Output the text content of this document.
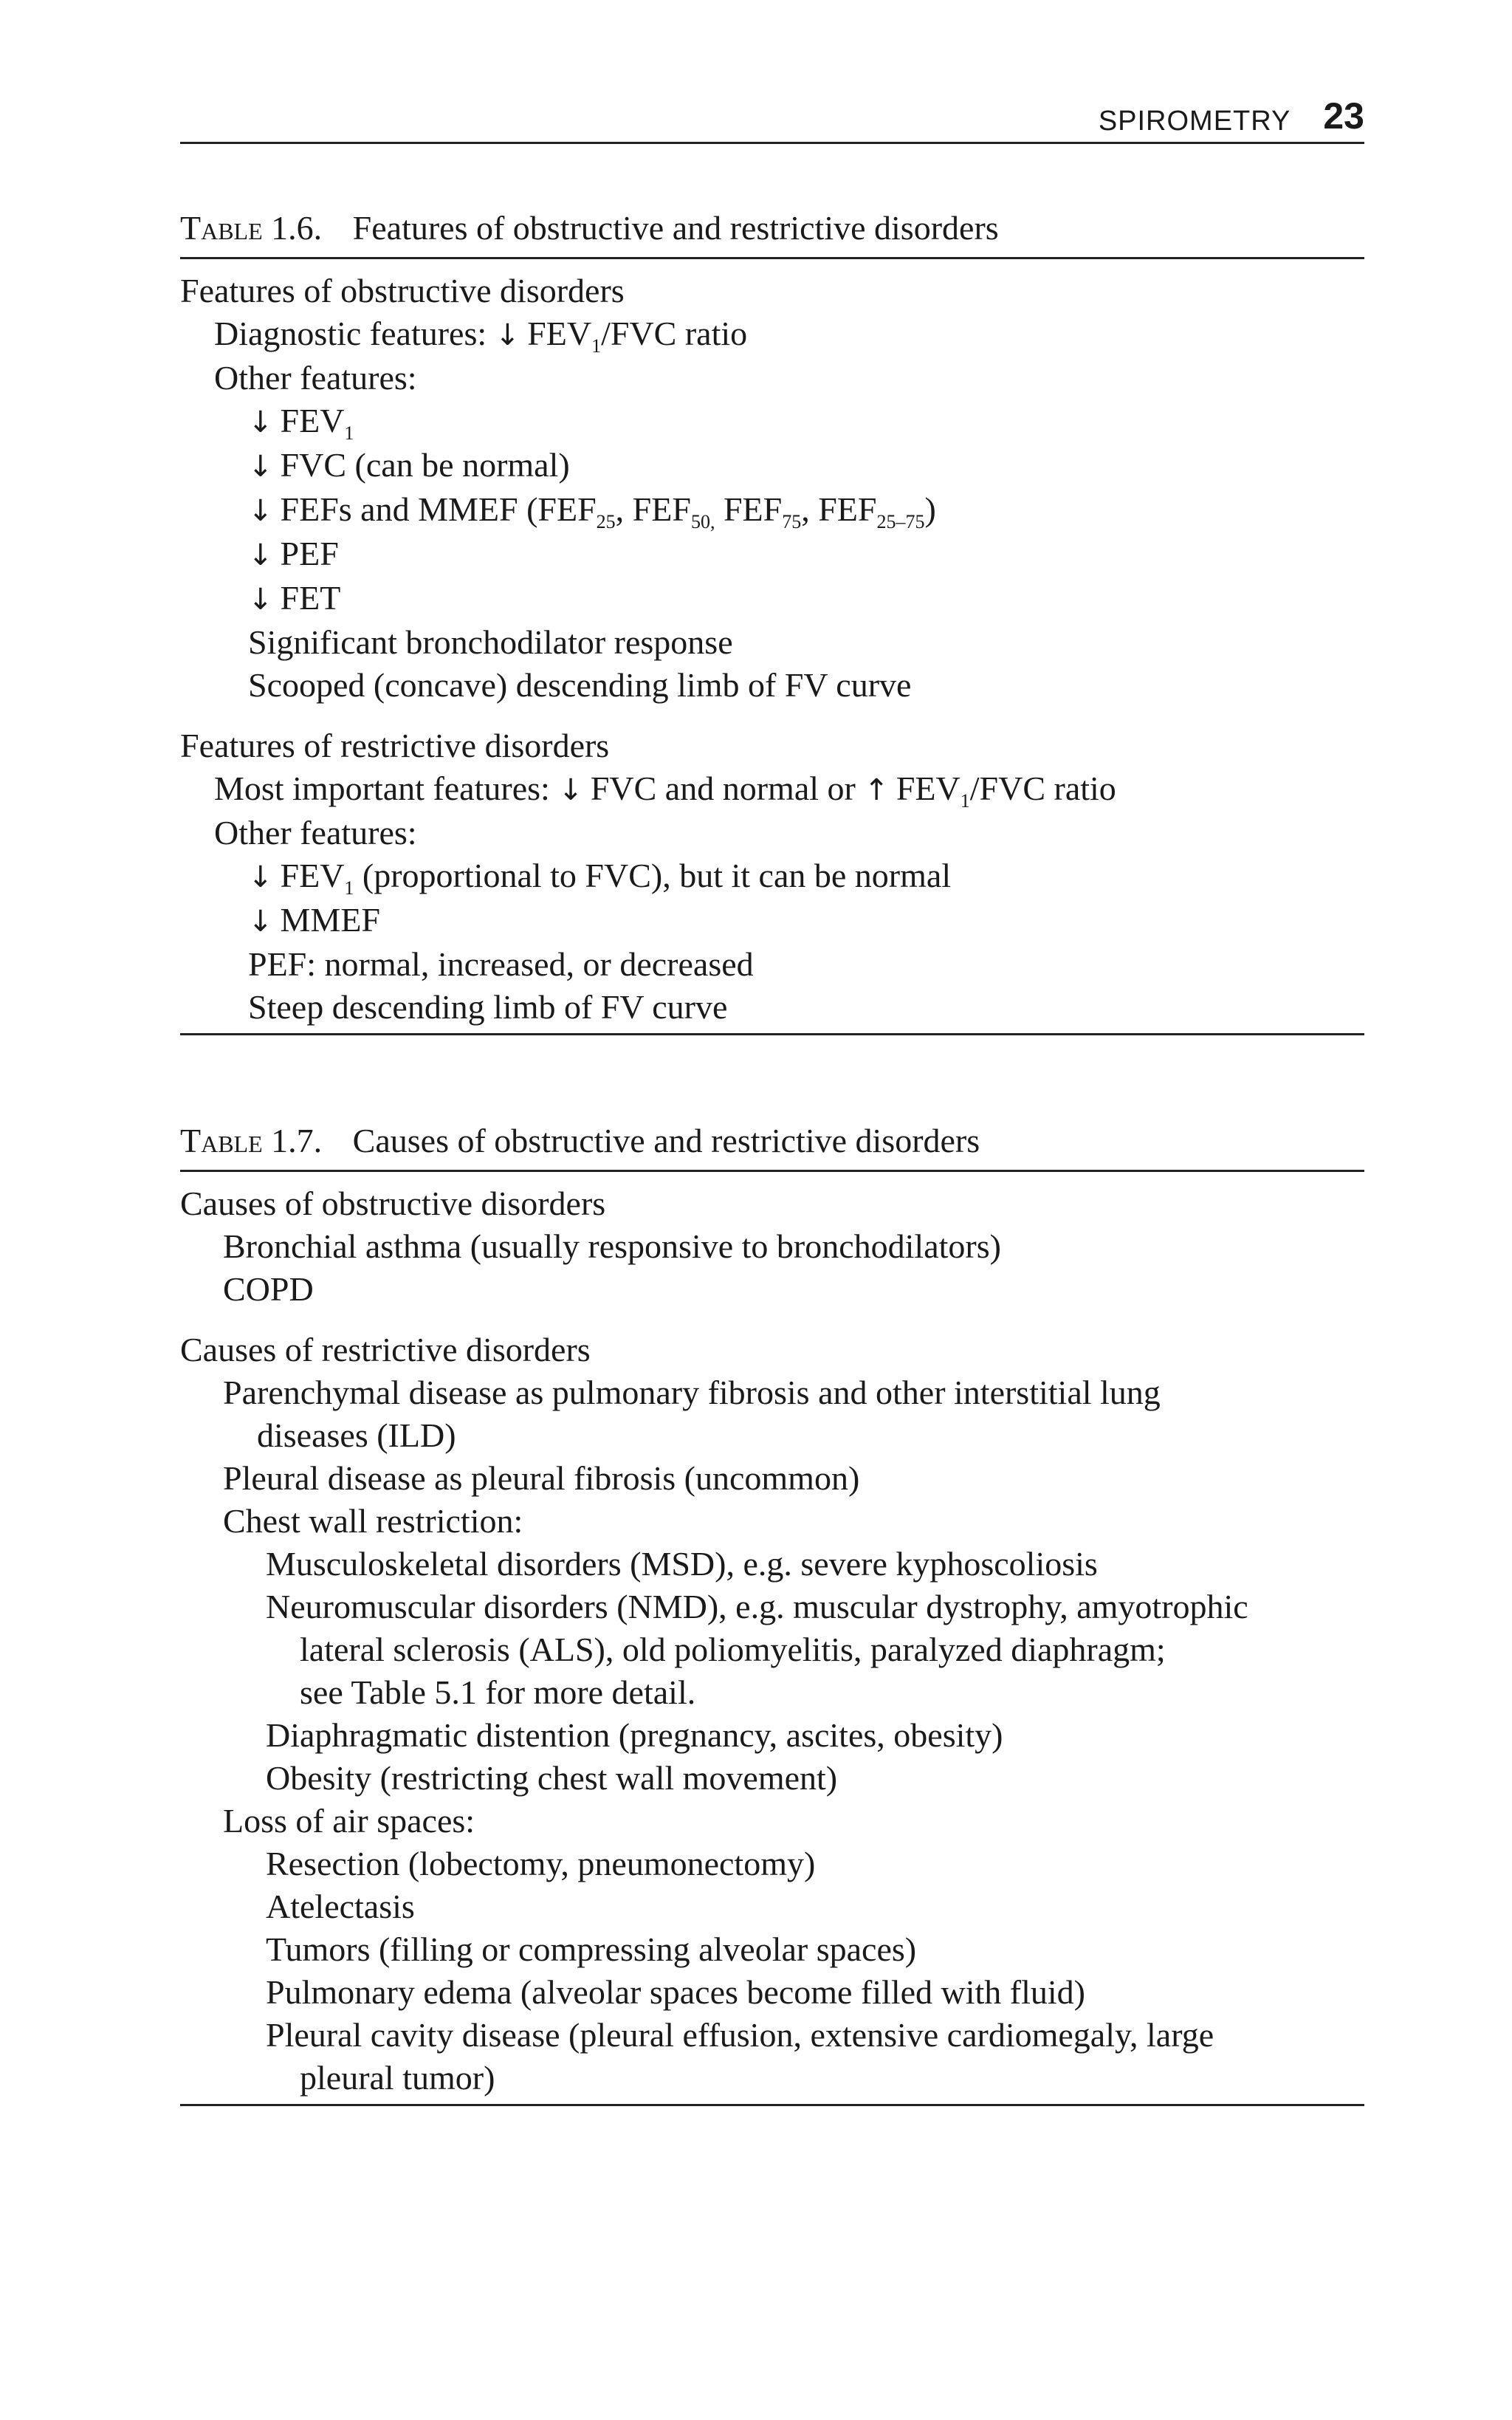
SPIROMETRY 23
Table 1.6. Features of obstructive and restrictive disorders
Features of obstructive disorders
Diagnostic features: ↓ $FEV_1$/FVC ratio
Other features:
↓ $FEV_1$
↓ FVC (can be normal)
↓ FEFs and MMEF ($FEF_{25}$, $FEF_{50,}$ $FEF_{75}$, $FEF_{25-75}$)
↓ PEF
↓ FET
Significant bronchodilator response
Scooped (concave) descending limb of FV curve
Features of restrictive disorders
Most important features: ↓ FVC and normal or ↑ $FEV_1$/FVC ratio
Other features:
↓ $FEV_1$ (proportional to FVC), but it can be normal
↓ MMEF
PEF: normal, increased, or decreased
Steep descending limb of FV curve
Table 1.7. Causes of obstructive and restrictive disorders
Causes of obstructive disorders
Bronchial asthma (usually responsive to bronchodilators)
COPD
Causes of restrictive disorders
Parenchymal disease as pulmonary fibrosis and other interstitial lung
diseases (ILD)
Pleural disease as pleural fibrosis (uncommon)
Chest wall restriction:
Musculoskeletal disorders (MSD), e.g. severe kyphoscoliosis
Neuromuscular disorders (NMD), e.g. muscular dystrophy, amyotrophic
lateral sclerosis (ALS), old poliomyelitis, paralyzed diaphragm;
see Table 5.1 for more detail.
Diaphragmatic distention (pregnancy, ascites, obesity)
Obesity (restricting chest wall movement)
Loss of air spaces:
Resection (lobectomy, pneumonectomy)
Atelectasis
Tumors (filling or compressing alveolar spaces)
Pulmonary edema (alveolar spaces become filled with fluid)
Pleural cavity disease (pleural effusion, extensive cardiomegaly, large
pleural tumor)
